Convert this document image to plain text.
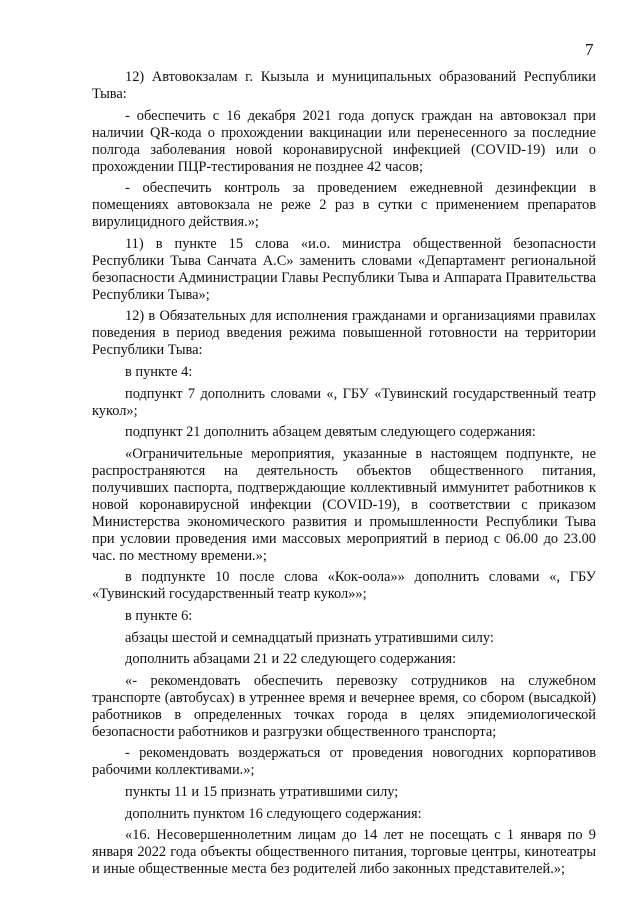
7

12) Автовокзалам г. Кызыла и муниципальных образований Республики Тыва:

- обеспечить с 16 декабря 2021 года допуск граждан на автовокзал при наличии QR-кода о прохождении вакцинации или перенесенного за последние полгода заболевания новой коронавирусной инфекцией (COVID-19) или о прохождении ПЦР-тестирования не позднее 42 часов;

- обеспечить контроль за проведением ежедневной дезинфекции в помещениях автовокзала не реже 2 раз в сутки с применением препаратов вирулицидного действия.»;

11) в пункте 15 слова «и.о. министра общественной безопасности Республики Тыва Санчата А.С» заменить словами «Департамент региональной безопасности Администрации Главы Республики Тыва и Аппарата Правительства Республики Тыва»;

12) в Обязательных для исполнения гражданами и организациями правилах поведения в период введения режима повышенной готовности на территории Республики Тыва:

в пункте 4:

подпункт 7 дополнить словами «, ГБУ «Тувинский государственный театр кукол»;

подпункт 21 дополнить абзацем девятым следующего содержания:

«Ограничительные мероприятия, указанные в настоящем подпункте, не распространяются на деятельность объектов общественного питания, получивших паспорта, подтверждающие коллективный иммунитет работников к новой коронавирусной инфекции (COVID-19), в соответствии с приказом Министерства экономического развития и промышленности Республики Тыва при условии проведения ими массовых мероприятий в период с 06.00 до 23.00 час. по местному времени.»;

в подпункте 10 после слова «Кок-оола»» дополнить словами «, ГБУ «Тувинский государственный театр кукол»»;

в пункте 6:

абзацы шестой и семнадцатый признать утратившими силу:

дополнить абзацами 21 и 22 следующего содержания:

«- рекомендовать обеспечить перевозку сотрудников на служебном транспорте (автобусах) в утреннее время и вечернее время, со сбором (высадкой) работников в определенных точках города в целях эпидемиологической безопасности работников и разгрузки общественного транспорта;

- рекомендовать воздержаться от проведения новогодних корпоративов рабочими коллективами.»;

пункты 11 и 15 признать утратившими силу;

дополнить пунктом 16 следующего содержания:

«16. Несовершеннолетним лицам до 14 лет не посещать с 1 января по 9 января 2022 года объекты общественного питания, торговые центры, кинотеатры и иные общественные места без родителей либо законных представителей.»;
